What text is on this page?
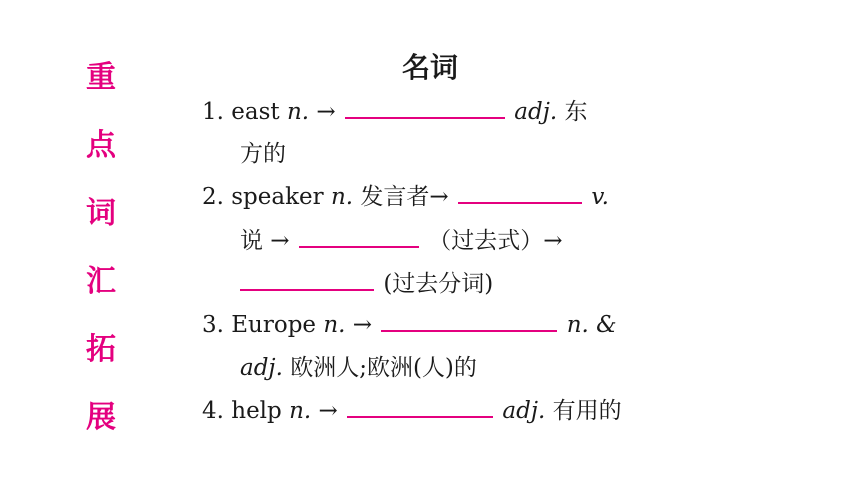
重
点
词
汇
拓
展
名词
1. east n. →	adj. 东
方的
2. speaker n. 发言者→	v.
说 →	（过去式）→
(过去分词)
3. Europe n. →	n. &
adj. 欧洲人;欧洲(人)的
4. help n. →	adj. 有用的
